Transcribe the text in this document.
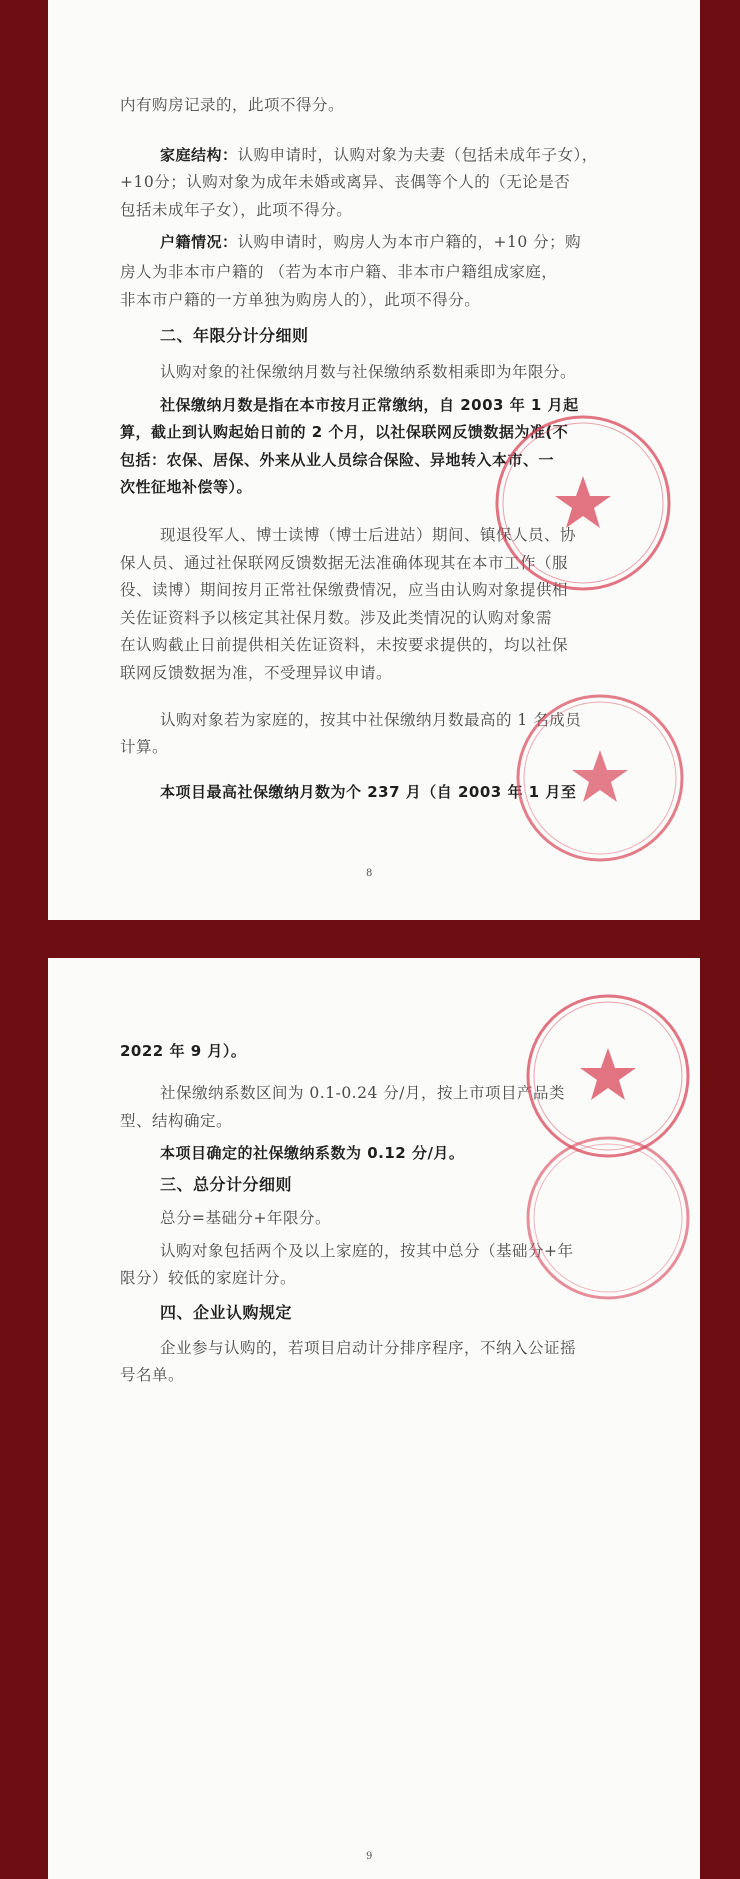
内有购房记录的，此项不得分。
家庭结构：认购申请时，认购对象为夫妻（包括未成年子女），
+10分；认购对象为成年未婚或离异、丧偶等个人的（无论是否
包括未成年子女），此项不得分。
户籍情况：认购申请时，购房人为本市户籍的，+10 分；购
房人为非本市户籍的 （若为本市户籍、非本市户籍组成家庭，
非本市户籍的一方单独为购房人的），此项不得分。
二、年限分计分细则
认购对象的社保缴纳月数与社保缴纳系数相乘即为年限分。
社保缴纳月数是指在本市按月正常缴纳，自 2003 年 1 月起
算，截止到认购起始日前的 2 个月，以社保联网反馈数据为准(不
包括：农保、居保、外来从业人员综合保险、异地转入本市、一
次性征地补偿等）。
现退役军人、博士读博（博士后进站）期间、镇保人员、协
保人员、通过社保联网反馈数据无法准确体现其在本市工作（服
役、读博）期间按月正常社保缴费情况，应当由认购对象提供相
关佐证资料予以核定其社保月数。涉及此类情况的认购对象需
在认购截止日前提供相关佐证资料，未按要求提供的，均以社保
联网反馈数据为准，不受理异议申请。
认购对象若为家庭的，按其中社保缴纳月数最高的 1 名成员
计算。
本项目最高社保缴纳月数为个 237 月（自 2003 年 1 月至
8
2022 年 9 月）。
社保缴纳系数区间为 0.1-0.24 分/月，按上市项目产品类
型、结构确定。
本项目确定的社保缴纳系数为 0.12 分/月。
三、总分计分细则
总分=基础分+年限分。
认购对象包括两个及以上家庭的，按其中总分（基础分+年
限分）较低的家庭计分。
四、企业认购规定
企业参与认购的，若项目启动计分排序程序，不纳入公证摇
号名单。
9
